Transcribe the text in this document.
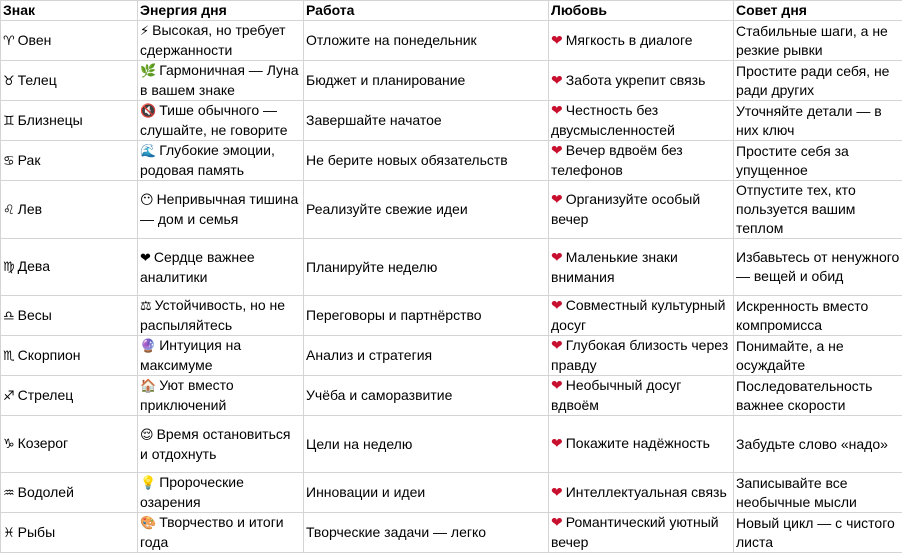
Знак	Энергия дня	Работа	Любовь	Совет дня
♈ Овен	⚡ Высокая, но требует сдержанности	Отложите на понедельник	❤ Мягкость в диалоге	Стабильные шаги, а не резкие рывки
♉ Телец	🌿 Гармоничная — Луна в вашем знаке	Бюджет и планирование	❤ Забота укрепит связь	Простите ради себя, не ради других
♊ Близнецы	🔇 Тише обычного — слушайте, не говорите	Завершайте начатое	❤ Честность без двусмысленностей	Уточняйте детали — в них ключ
♋ Рак	🌊 Глубокие эмоции, родовая память	Не берите новых обязательств	❤ Вечер вдвоём без телефонов	Простите себя за упущенное
♌ Лев	😶 Непривычная тишина — дом и семья	Реализуйте свежие идеи	❤ Организуйте особый вечер	Отпустите тех, кто пользуется вашим теплом
♍ Дева	❤ Сердце важнее аналитики	Планируйте неделю	❤ Маленькие знаки внимания	Избавьтесь от ненужного — вещей и обид
♎ Весы	⚖ Устойчивость, но не распыляйтесь	Переговоры и партнёрство	❤ Совместный культурный досуг	Искренность вместо компромисса
♏ Скорпион	🔮 Интуиция на максимуме	Анализ и стратегия	❤ Глубокая близость через правду	Понимайте, а не осуждайте
♐ Стрелец	🏠 Уют вместо приключений	Учёба и саморазвитие	❤ Необычный досуг вдвоём	Последовательность важнее скорости
♑ Козерог	😌 Время остановиться и отдохнуть	Цели на неделю	❤ Покажите надёжность	Забудьте слово «надо»
♒ Водолей	💡 Пророческие озарения	Инновации и идеи	❤ Интеллектуальная связь	Записывайте все необычные мысли
♓ Рыбы	🎨 Творчество и итоги года	Творческие задачи — легко	❤ Романтический уютный вечер	Новый цикл — с чистого листа
